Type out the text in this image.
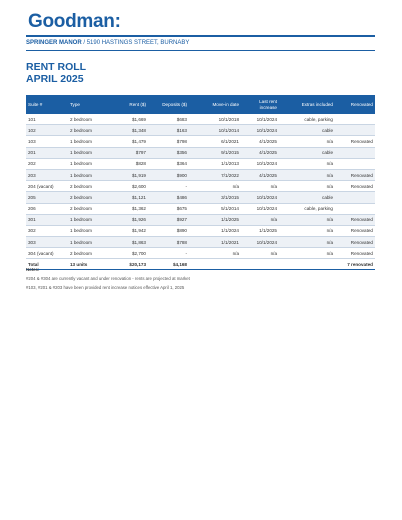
Goodman:
SPRINGER MANOR / 5190 HASTINGS STREET, BURNABY
RENT ROLL
APRIL 2025
Suite #	Type	Rent ($)	Deposits ($)	Move-in date	Last rent increase	Extras included	Renovated
101	2 bedroom	$1,669	$683	10/1/2018	10/1/2024	cable, parking	
102	2 bedroom	$1,348	$163	10/1/2014	10/1/2024	cable	
103	1 bedroom	$1,479	$798	6/1/2021	4/1/2025	n/a	Renovated
201	1 bedroom	$797	$356	9/1/2015	4/1/2025	cable	
202	1 bedroom	$828	$364	1/1/2013	10/1/2024	n/a	
203	1 bedroom	$1,919	$900	7/1/2022	4/1/2025	n/a	Renovated
204 (vacant)	2 bedroom	$2,600	-	n/a	n/a	n/a	Renovated
205	2 bedroom	$1,121	$486	3/1/2015	10/1/2024	cable	
206	2 bedroom	$1,362	$675	5/1/2014	10/1/2024	cable, parking	
301	1 bedroom	$1,926	$927	1/1/2025	n/a	n/a	Renovated
302	1 bedroom	$1,942	$890	1/1/2024	1/1/2025	n/a	Renovated
303	1 bedroom	$1,863	$788	1/1/2021	10/1/2024	n/a	Renovated
304 (vacant)	2 bedroom	$2,700	-	n/a	n/a	n/a	Renovated
Total	13 units	$20,173	$4,168				7 renovated
Notes:
#204 & #304 are currently vacant and under renovation - rents are projected at market
#103, #201 & #203 have been provided rent increase notices effective April 1, 2025
